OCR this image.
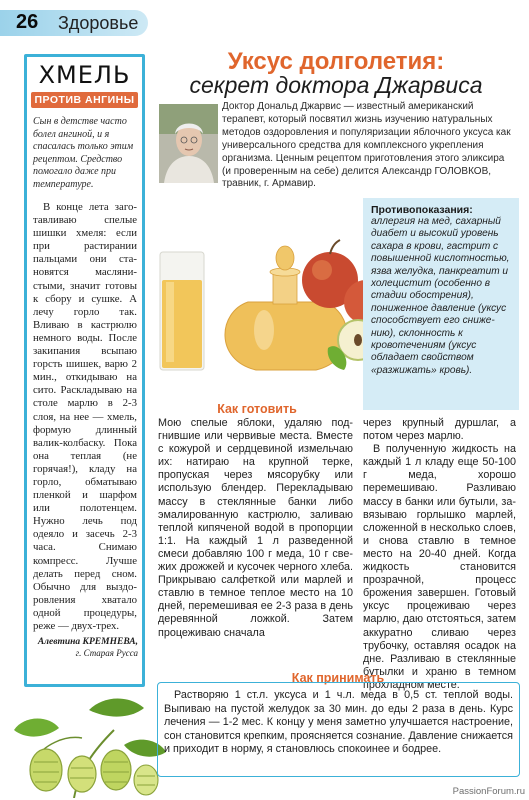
26 Здоровье
ХМЕЛЬ
ПРОТИВ АНГИНЫ
Сын в детстве часто болел ангиной, и я спасалась только этим рецептом. Средство помогало даже при температуре.
В конце лета заготавливаю спелые шишки хмеля: если при растирании пальцами они становятся маслянистыми, значит готовы к сбору и сушке. А лечу горло так. Вливаю в кастрюлю немного воды. После закипания всыпаю горсть шишек, варю 2 мин., откидываю на сито. Раскладываю на столе марлю в 2-3 слоя, на нее — хмель, формую длинный валик-колбаску. Пока она теплая (не горячая!), кладу на горло, обматываю пленкой и шарфом или полотенцем. Нужно лечь под одеяло и засечь 2-3 часа. Снимаю компресс. Лучше делать перед сном. Обычно для выздоровления хватало одной процедуры, реже — двух-трех.
Алевтина КРЕМНЕВА,
г. Старая Русса
Уксус долголетия:
секрет доктора Джарвиса
Доктор Дональд Джарвис — известный американский терапевт, который посвятил жизнь изучению натуральных методов оздоровления и популяризации яблочного уксуса как универсального средства для комплексного укрепления организма. Ценным рецептом приготовления этого эликсира (и проверенным на себе) делится Александр ГОЛОВКОВ, травник, г. Армавир.
Противопоказания:
аллергия на мед, сахарный диабет и высокий уровень сахара в крови, гастрит с повышенной кислотностью, язва желудка, панкреатит и холецистит (особенно в стадии обострения), пониженное давление (уксус способствует его снижению), склонность к кровотечениям (уксус обладает свойством «разжижать» кровь).
Как готовить

Мою спелые яблоки, удаляю подгнившие или червивые места. Вместе с кожурой и сердцевиной измельчаю их: натираю на крупной терке, пропуская через мясорубку или использую блендер. Перекладываю массу в стеклянные банки либо эмалированную кастрюлю, заливаю теплой кипяченой водой в пропорции 1:1. На каждый 1 л разведенной смеси добавляю 100 г меда, 10 г свежих дрожжей и кусочек черного хлеба. Прикрываю салфеткой или марлей и ставлю в темное теплое место на 10 дней, перемешивая ее 2-3 раза в день деревянной ложкой. Затем процеживаю сначала

через крупный дуршлаг, а потом через марлю.

В полученную жидкость на каждый 1 л кладу еще 50-100 г меда, хорошо перемешиваю. Разливаю массу в банки или бутыли, завязываю горлышко марлей, сложенной в несколько слоев, и снова ставлю в темное место на 20-40 дней. Когда жидкость становится прозрачной, процесс брожения завершен. Готовый уксус процеживаю через марлю, даю отстояться, затем аккуратно сливаю через трубочку, оставляя осадок на дне. Разливаю в стеклянные бутылки и храню в темном прохладном месте.

Как принимать
Растворяю 1 ст.л. уксуса и 1 ч.л. меда в 0,5 ст. теплой воды. Выпиваю на пустой желудок за 30 мин. до еды 2 раза в день. Курс лечения — 1-2 мес. К концу у меня заметно улучшается настроение, сон становится крепким, проясняется сознание. Давление снижается и приходит в норму, я становлюсь спокоинее и бодрее.
PassionForum.ru
